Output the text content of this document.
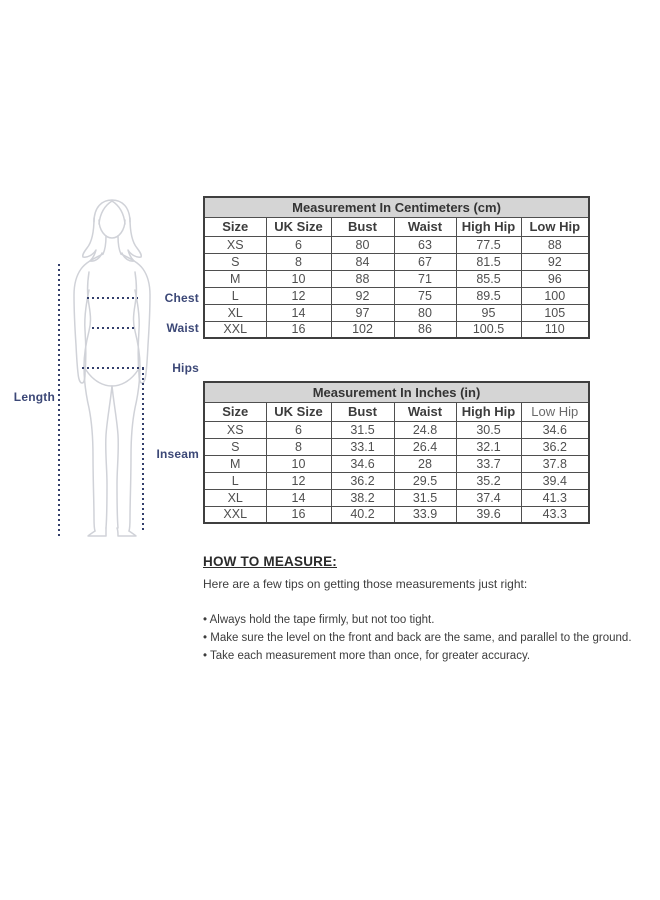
Length
Chest
Waist
Hips
Inseam
Measurement In Centimeters (cm)					
Size	UK Size	Bust	Waist	High Hip	Low Hip
XS	6	80	63	77.5	88
S	8	84	67	81.5	92
M	10	88	71	85.5	96
L	12	92	75	89.5	100
XL	14	97	80	95	105
XXL	16	102	86	100.5	110
Measurement In Inches (in)					
Size	UK Size	Bust	Waist	High Hip	Low Hip
XS	6	31.5	24.8	30.5	34.6
S	8	33.1	26.4	32.1	36.2
M	10	34.6	28	33.7	37.8
L	12	36.2	29.5	35.2	39.4
XL	14	38.2	31.5	37.4	41.3
XXL	16	40.2	33.9	39.6	43.3
HOW TO MEASURE:
Here are a few tips on getting those measurements just right:
• Always hold the tape firmly, but not too tight.
• Make sure the level on the front and back are the same, and parallel to the ground.
• Take each measurement more than once, for greater accuracy.
